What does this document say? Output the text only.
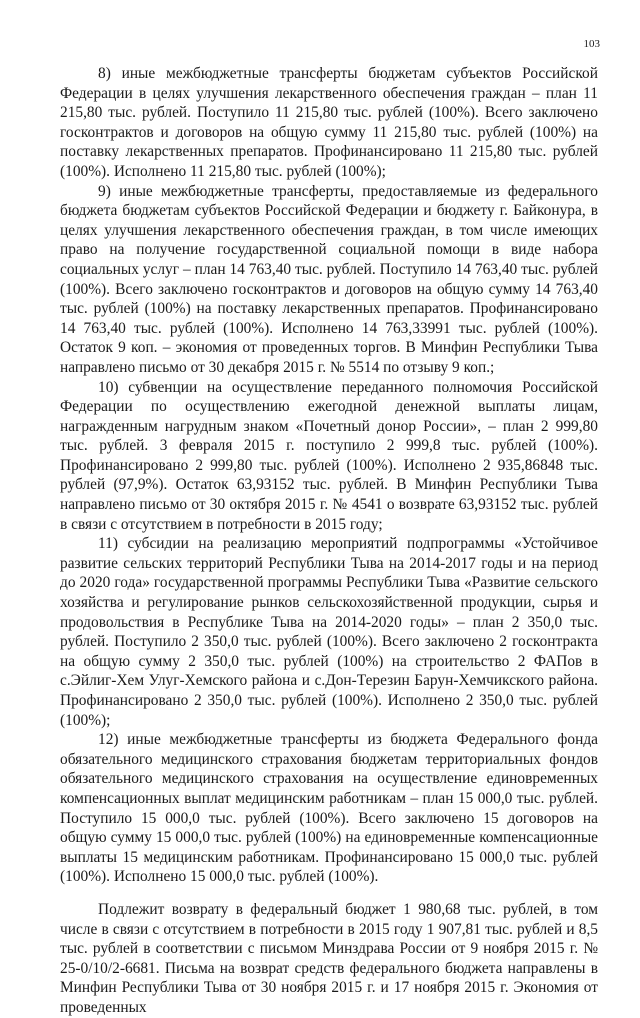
103

8) иные межбюджетные трансферты бюджетам субъектов Российской Федерации в целях улучшения лекарственного обеспечения граждан – план 11 215,80 тыс. рублей. Поступило 11 215,80 тыс. рублей (100%). Всего заключено госконтрактов и договоров на общую сумму 11 215,80 тыс. рублей (100%) на поставку лекарственных препаратов. Профинансировано 11 215,80 тыс. рублей (100%). Исполнено 11 215,80 тыс. рублей (100%);

9) иные межбюджетные трансферты, предоставляемые из федерального бюджета бюджетам субъектов Российской Федерации и бюджету г. Байконура, в целях улучшения лекарственного обеспечения граждан, в том числе имеющих право на получение государственной социальной помощи в виде набора социальных услуг – план 14 763,40 тыс. рублей. Поступило 14 763,40 тыс. рублей (100%). Всего заключено госконтрактов и договоров на общую сумму 14 763,40 тыс. рублей (100%) на поставку лекарственных препаратов. Профинансировано 14 763,40 тыс. рублей (100%). Исполнено 14 763,33991 тыс. рублей (100%). Остаток 9 коп. – экономия от проведенных торгов. В Минфин Республики Тыва направлено письмо от 30 декабря 2015 г. № 5514 по отзыву 9 коп.;

10) субвенции на осуществление переданного полномочия Российской Федерации по осуществлению ежегодной денежной выплаты лицам, награжденным нагрудным знаком «Почетный донор России», – план 2 999,80 тыс. рублей. 3 февраля 2015 г. поступило 2 999,8 тыс. рублей (100%). Профинансировано 2 999,80 тыс. рублей (100%). Исполнено 2 935,86848 тыс. рублей (97,9%). Остаток 63,93152 тыс. рублей. В Минфин Республики Тыва направлено письмо от 30 октября 2015 г. № 4541 о возврате 63,93152 тыс. рублей в связи с отсутствием в потребности в 2015 году;

11) субсидии на реализацию мероприятий подпрограммы «Устойчивое развитие сельских территорий Республики Тыва на 2014-2017 годы и на период до 2020 года» государственной программы Республики Тыва «Развитие сельского хозяйства и регулирование рынков сельскохозяйственной продукции, сырья и продовольствия в Республике Тыва на 2014-2020 годы» – план 2 350,0 тыс. рублей. Поступило 2 350,0 тыс. рублей (100%). Всего заключено 2 госконтракта на общую сумму 2 350,0 тыс. рублей (100%) на строительство 2 ФАПов в с.Эйлиг-Хем Улуг-Хемского района и с.Дон-Терезин Барун-Хемчикского района. Профинансировано 2 350,0 тыс. рублей (100%). Исполнено 2 350,0 тыс. рублей (100%);

12) иные межбюджетные трансферты из бюджета Федерального фонда обязательного медицинского страхования бюджетам территориальных фондов обязательного медицинского страхования на осуществление единовременных компенсационных выплат медицинским работникам – план 15 000,0 тыс. рублей. Поступило 15 000,0 тыс. рублей (100%). Всего заключено 15 договоров на общую сумму 15 000,0 тыс. рублей (100%) на единовременные компенсационные выплаты 15 медицинским работникам. Профинансировано 15 000,0 тыс. рублей (100%). Исполнено 15 000,0 тыс. рублей (100%).

Подлежит возврату в федеральный бюджет 1 980,68 тыс. рублей, в том числе в связи с отсутствием в потребности в 2015 году 1 907,81 тыс. рублей и 8,5 тыс. рублей в соответствии с письмом Минздрава России от 9 ноября 2015 г. № 25-0/10/2-6681. Письма на возврат средств федерального бюджета направлены в Минфин Республики Тыва от 30 ноября 2015 г. и 17 ноября 2015 г. Экономия от проведенных
